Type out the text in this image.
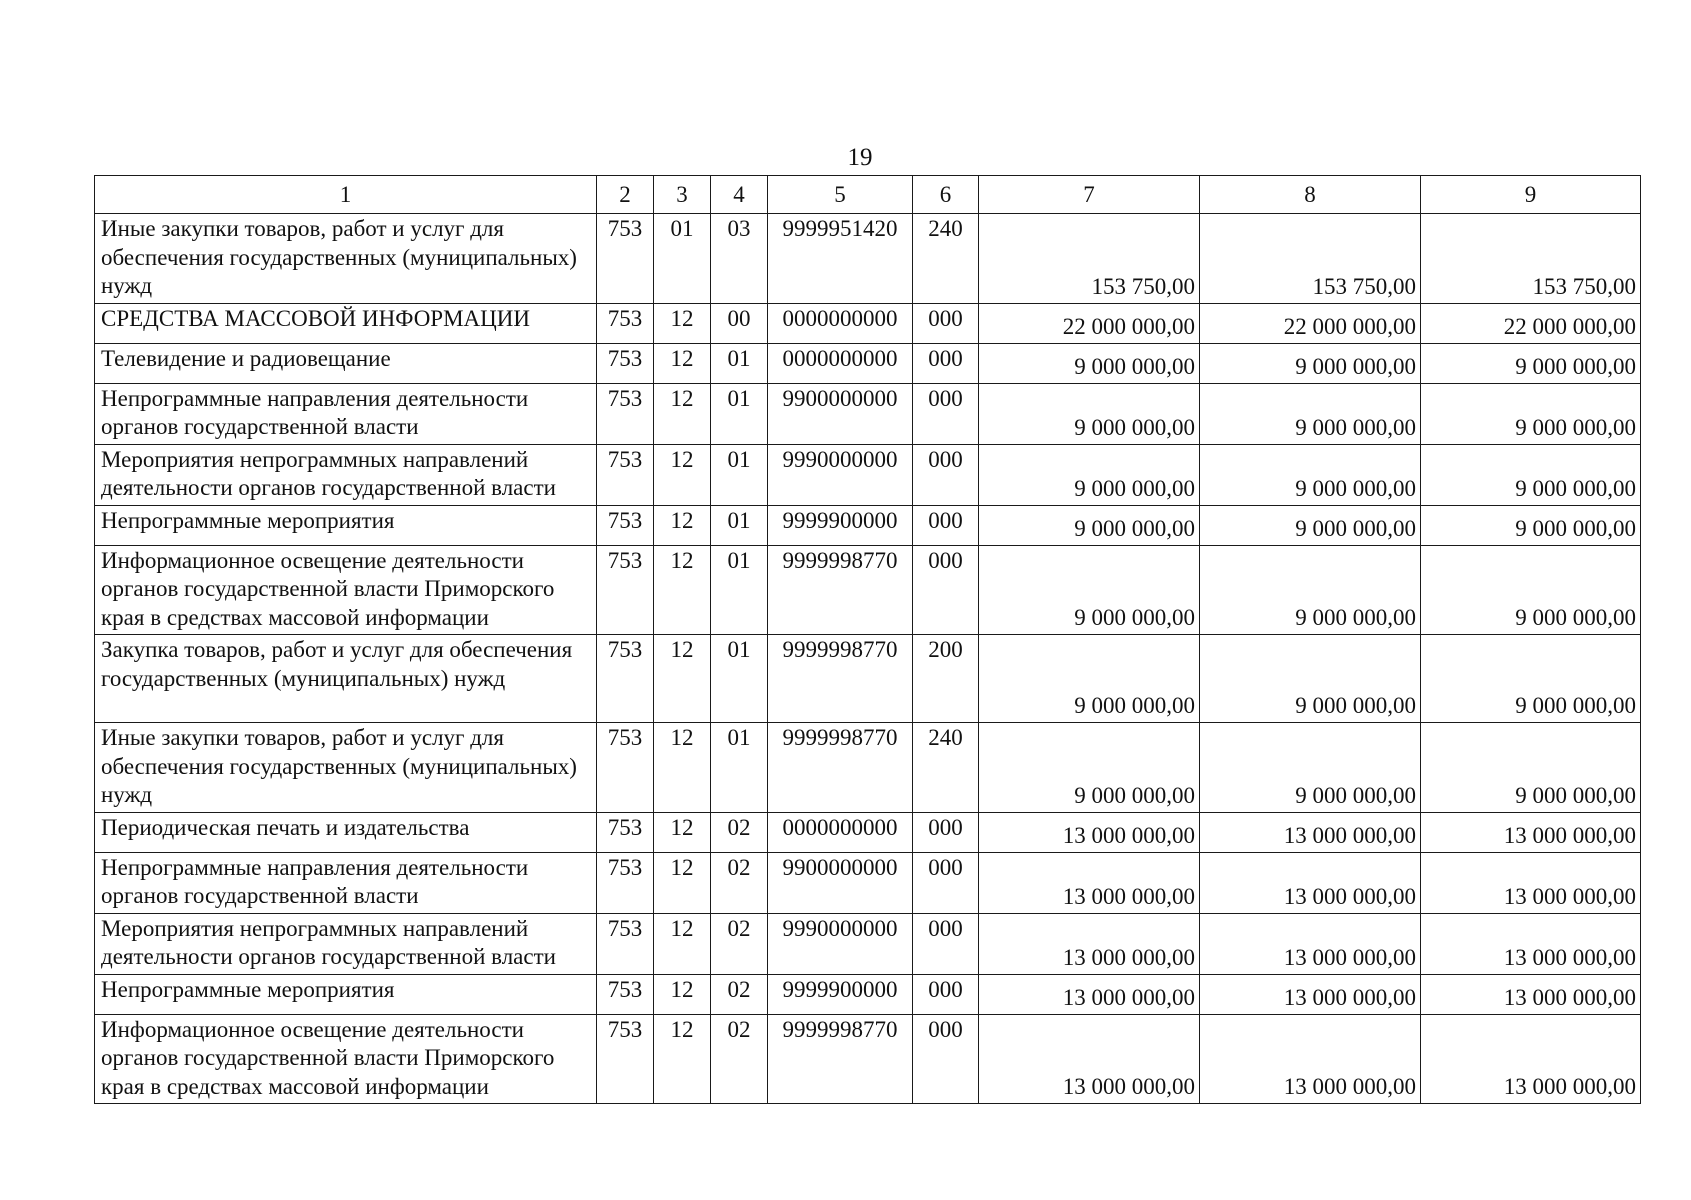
19
1	2	3	4	5	6	7	8	9
Иные закупки товаров, работ и услуг для обеспечения государственных (муниципальных) нужд	753	01	03	9999951420	240	153 750,00	153 750,00	153 750,00
СРЕДСТВА МАССОВОЙ ИНФОРМАЦИИ	753	12	00	0000000000	000	22 000 000,00	22 000 000,00	22 000 000,00
Телевидение и радиовещание	753	12	01	0000000000	000	9 000 000,00	9 000 000,00	9 000 000,00
Непрограммные направления деятельности органов государственной власти	753	12	01	9900000000	000	9 000 000,00	9 000 000,00	9 000 000,00
Мероприятия непрограммных направлений деятельности органов государственной власти	753	12	01	9990000000	000	9 000 000,00	9 000 000,00	9 000 000,00
Непрограммные мероприятия	753	12	01	9999900000	000	9 000 000,00	9 000 000,00	9 000 000,00
Информационное освещение деятельности органов государственной власти Приморского края в средствах массовой информации	753	12	01	9999998770	000	9 000 000,00	9 000 000,00	9 000 000,00
Закупка товаров, работ и услуг для обеспечения государственных (муниципальных) нужд	753	12	01	9999998770	200	9 000 000,00	9 000 000,00	9 000 000,00
Иные закупки товаров, работ и услуг для обеспечения государственных (муниципальных) нужд	753	12	01	9999998770	240	9 000 000,00	9 000 000,00	9 000 000,00
Периодическая печать и издательства	753	12	02	0000000000	000	13 000 000,00	13 000 000,00	13 000 000,00
Непрограммные направления деятельности органов государственной власти	753	12	02	9900000000	000	13 000 000,00	13 000 000,00	13 000 000,00
Мероприятия непрограммных направлений деятельности органов государственной власти	753	12	02	9990000000	000	13 000 000,00	13 000 000,00	13 000 000,00
Непрограммные мероприятия	753	12	02	9999900000	000	13 000 000,00	13 000 000,00	13 000 000,00
Информационное освещение деятельности органов государственной власти Приморского края в средствах массовой информации	753	12	02	9999998770	000	13 000 000,00	13 000 000,00	13 000 000,00
